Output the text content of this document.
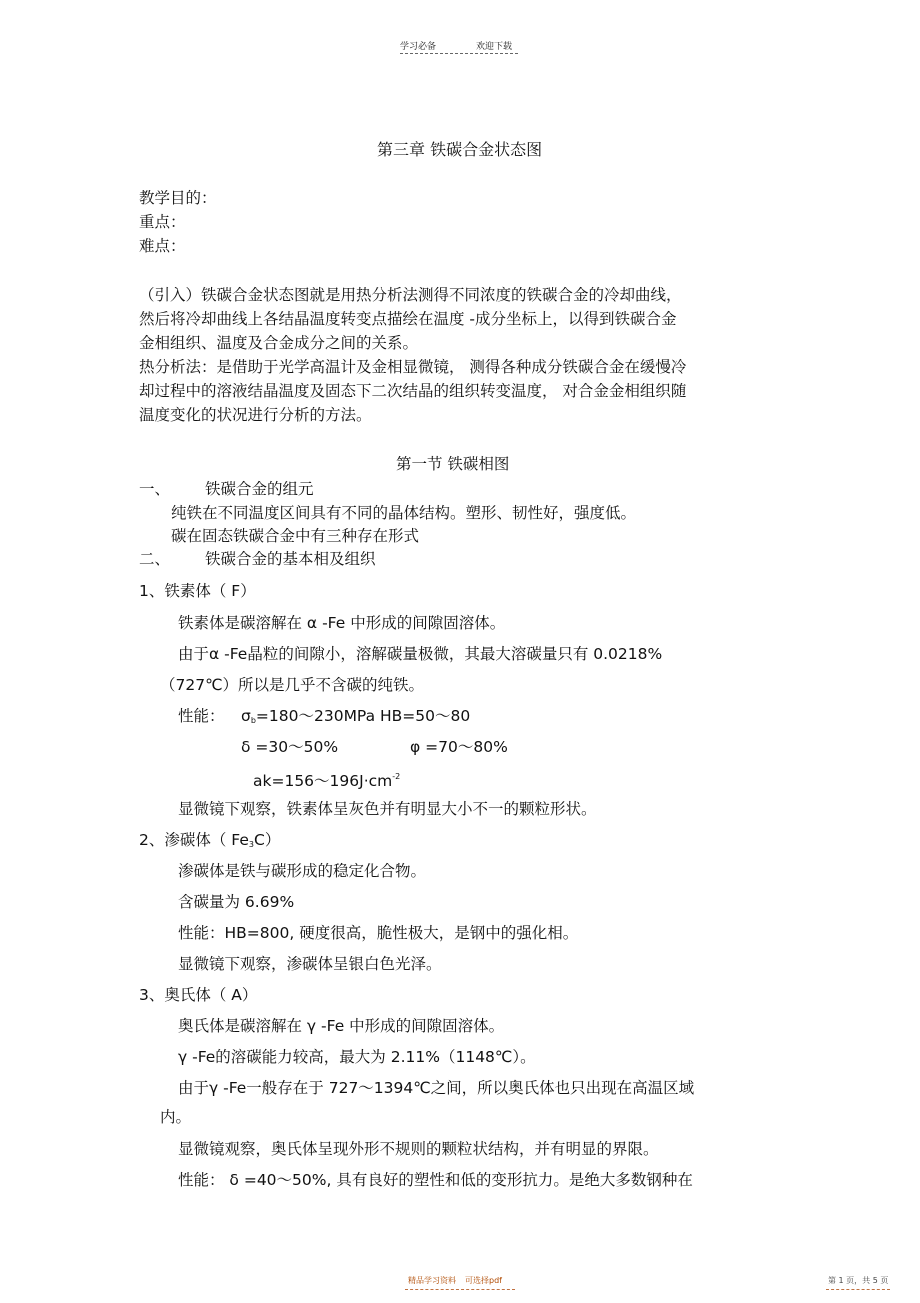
学习必备	欢迎下载
第三章 铁碳合金状态图
教学目的：
重点：
难点：
（引入）铁碳合金状态图就是用热分析法测得不同浓度的铁碳合金的冷却曲线，
然后将冷却曲线上各结晶温度转变点描绘在温度 -成分坐标上，以得到铁碳合金
金相组织、温度及合金成分之间的关系。
热分析法：是借助于光学高温计及金相显微镜， 测得各种成分铁碳合金在缓慢冷
却过程中的溶液结晶温度及固态下二次结晶的组织转变温度， 对合金金相组织随
温度变化的状况进行分析的方法。
第一节 铁碳相图
一、 铁碳合金的组元
纯铁在不同温度区间具有不同的晶体结构。塑形、韧性好，强度低。
碳在固态铁碳合金中有三种存在形式
二、 铁碳合金的基本相及组织
1、铁素体（ F）
铁素体是碳溶解在 α -Fe 中形成的间隙固溶体。
由于α -Fe晶粒的间隙小，溶解碳量极微，其最大溶碳量只有 0.0218%
（727℃）所以是几乎不含碳的纯铁。
性能： $\sigma_b=180\sim 230MPa$ HB=50～80
δ =30～50%	φ =70～80%
$ak=156\sim 196J\cdot cm^{-2}$
显微镜下观察，铁素体呈灰色并有明显大小不一的颗粒形状。
2、渗碳体（ $Fe_3C$）
渗碳体是铁与碳形成的稳定化合物。
含碳量为 6.69%
性能：HB=800, 硬度很高，脆性极大，是钢中的强化相。
显微镜下观察，渗碳体呈银白色光泽。
3、奥氏体（ A）
奥氏体是碳溶解在 γ -Fe 中形成的间隙固溶体。
γ -Fe的溶碳能力较高，最大为 2.11%（1148℃）。
由于γ -Fe一般存在于 727～1394℃之间，所以奥氏体也只出现在高温区域
内。
显微镜观察，奥氏体呈现外形不规则的颗粒状结构，并有明显的界限。
性能： δ =40～50%, 具有良好的塑性和低的变形抗力。是绝大多数钢种在
精品学习资料 可选择pdf	第 1 页，共 5 页
